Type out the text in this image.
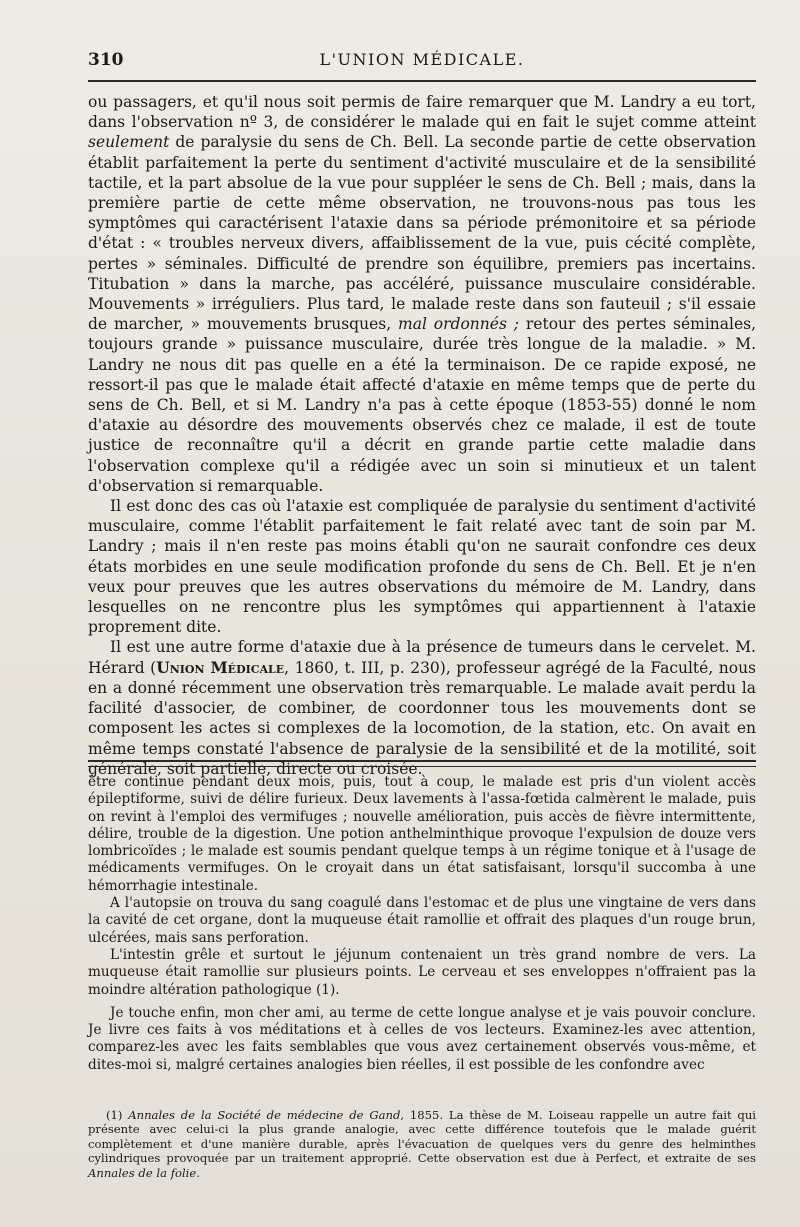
310	L'UNION MÉDICALE.

ou passagers, et qu'il nous soit permis de faire remarquer que M. Landry a eu tort, dans l'observation nº 3, de considérer le malade qui en fait le sujet comme atteint seulement de paralysie du sens de Ch. Bell. La seconde partie de cette observation établit parfaitement la perte du sentiment d'activité musculaire et de la sensibilité tactile, et la part absolue de la vue pour suppléer le sens de Ch. Bell ; mais, dans la première partie de cette même observation, ne trouvons-nous pas tous les symptômes qui caractérisent l'ataxie dans sa période prémonitoire et sa période d'état : « troubles nerveux divers, affaiblissement de la vue, puis cécité complète, pertes » séminales. Difficulté de prendre son équilibre, premiers pas incertains. Titubation » dans la marche, pas accéléré, puissance musculaire considérable. Mouvements » irréguliers. Plus tard, le malade reste dans son fauteuil ; s'il essaie de marcher, » mouvements brusques, mal ordonnés ; retour des pertes séminales, toujours grande » puissance musculaire, durée très longue de la maladie. » M. Landry ne nous dit pas quelle en a été la terminaison. De ce rapide exposé, ne ressort-il pas que le malade était affecté d'ataxie en même temps que de perte du sens de Ch. Bell, et si M. Landry n'a pas à cette époque (1853-55) donné le nom d'ataxie au désordre des mouvements observés chez ce malade, il est de toute justice de reconnaître qu'il a décrit en grande partie cette maladie dans l'observation complexe qu'il a rédigée avec un soin si minutieux et un talent d'observation si remarquable.

Il est donc des cas où l'ataxie est compliquée de paralysie du sentiment d'activité musculaire, comme l'établit parfaitement le fait relaté avec tant de soin par M. Landry ; mais il n'en reste pas moins établi qu'on ne saurait confondre ces deux états morbides en une seule modification profonde du sens de Ch. Bell. Et je n'en veux pour preuves que les autres observations du mémoire de M. Landry, dans lesquelles on ne rencontre plus les symptômes qui appartiennent à l'ataxie proprement dite.

Il est une autre forme d'ataxie due à la présence de tumeurs dans le cervelet. M. Hérard (Union Médicale, 1860, t. III, p. 230), professeur agrégé de la Faculté, nous en a donné récemment une observation très remarquable. Le malade avait perdu la facilité d'associer, de combiner, de coordonner tous les mouvements dont se composent les actes si complexes de la locomotion, de la station, etc. On avait en même temps constaté l'absence de paralysie de la sensibilité et de la motilité, soit générale, soit partielle, directe ou croisée.

être continue pendant deux mois, puis, tout à coup, le malade est pris d'un violent accès épileptiforme, suivi de délire furieux. Deux lavements à l'assa-fœtida calmèrent le malade, puis on revint à l'emploi des vermifuges ; nouvelle amélioration, puis accès de fièvre intermittente, délire, trouble de la digestion. Une potion anthelminthique provoque l'expulsion de douze vers lombricoïdes ; le malade est soumis pendant quelque temps à un régime tonique et à l'usage de médicaments vermifuges. On le croyait dans un état satisfaisant, lorsqu'il succomba à une hémorrhagie intestinale.

A l'autopsie on trouva du sang coagulé dans l'estomac et de plus une vingtaine de vers dans la cavité de cet organe, dont la muqueuse était ramollie et offrait des plaques d'un rouge brun, ulcérées, mais sans perforation.

L'intestin grêle et surtout le jéjunum contenaient un très grand nombre de vers. La muqueuse était ramollie sur plusieurs points. Le cerveau et ses enveloppes n'offraient pas la moindre altération pathologique (1).

Je touche enfin, mon cher ami, au terme de cette longue analyse et je vais pouvoir conclure. Je livre ces faits à vos méditations et à celles de vos lecteurs. Examinez-les avec attention, comparez-les avec les faits semblables que vous avez certainement observés vous-même, et dites-moi si, malgré certaines analogies bien réelles, il est possible de les confondre avec

(1) Annales de la Société de médecine de Gand, 1855. La thèse de M. Loiseau rappelle un autre fait qui présente avec celui-ci la plus grande analogie, avec cette différence toutefois que le malade guérit complètement et d'une manière durable, après l'évacuation de quelques vers du genre des helminthes cylindriques provoquée par un traitement approprié. Cette observation est due à Perfect, et extraite de ses Annales de la folie.
